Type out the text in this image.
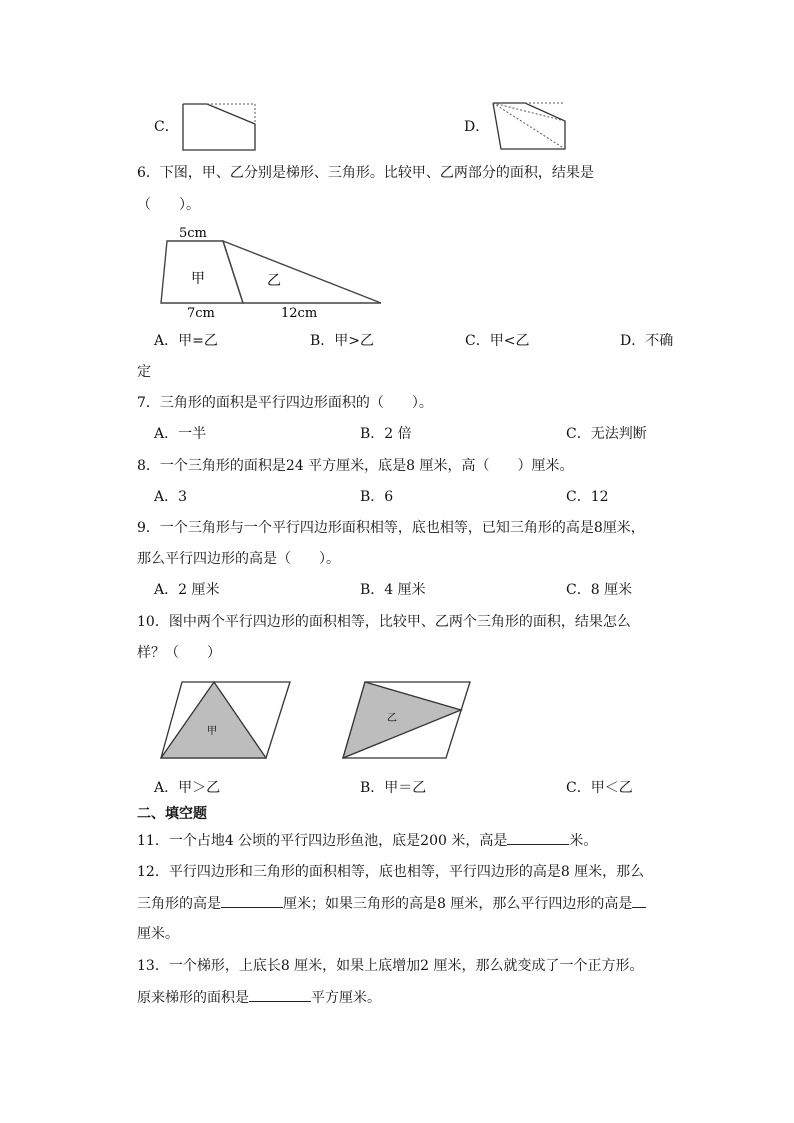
C．	D．
6．下图，甲、乙分别是梯形、三角形。比较甲、乙两部分的面积，结果是
（　　）。
5cm
甲	乙
7cm	12cm
A．甲=乙	B．甲>乙	C．甲<乙	D．不确
定
7．三角形的面积是平行四边形面积的（　　）。
A．一半	B．2 倍	C．无法判断
8．一个三角形的面积是24 平方厘米，底是8 厘米，高（　　）厘米。
A．3	B．6	C．12
9．一个三角形与一个平行四边形面积相等，底也相等，已知三角形的高是8厘米，
那么平行四边形的高是（　　）。
A．2 厘米	B．4 厘米	C．8 厘米
10．图中两个平行四边形的面积相等，比较甲、乙两个三角形的面积，结果怎么
样？（　　）
甲
乙
A．甲＞乙	B．甲＝乙	C．甲＜乙
二、填空题
11．一个占地4 公顷的平行四边形鱼池，底是200 米，高是	米。
12．平行四边形和三角形的面积相等，底也相等，平行四边形的高是8 厘米，那么
三角形的高是	厘米；如果三角形的高是8 厘米，那么平行四边形的高是
厘米。
13．一个梯形，上底长8 厘米，如果上底增加2 厘米，那么就变成了一个正方形。
原来梯形的面积是	平方厘米。
